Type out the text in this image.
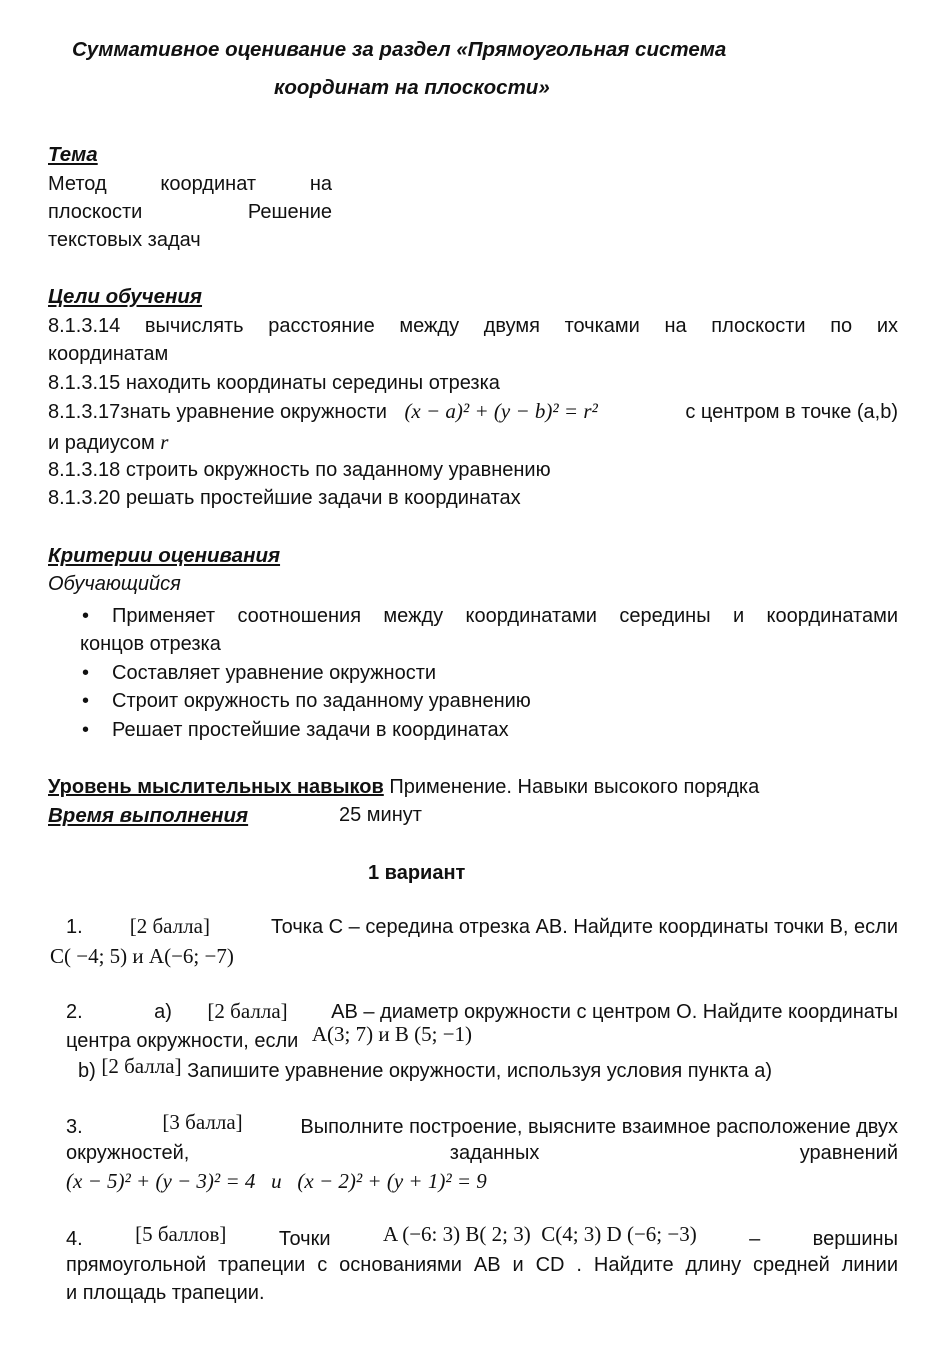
Суммативное оценивание за раздел «Прямоугольная система
координат на плоскости»
Тема
Метод	координат	на
плоскости	Решение
текстовых задач
Цели обучения
8.1.3.14 вычислять расстояние между двумя точками на плоскости по их
координатам
8.1.3.15 находить координаты середины отрезка
8.1.3.17знать уравнение окружности (x − a)² + (y − b)² = r²	с центром в точке (a,b)
и радиусом r
8.1.3.18 строить окружность по заданному уравнению
8.1.3.20 решать простейшие задачи в координатах
Критерии оценивания
Обучающийся
• Применяет соотношения между координатами середины и координатами
концов отрезка
• Составляет уравнение окружности
• Строит окружность по заданному уравнению
• Решает простейшие задачи в координатах
Уровень мыслительных навыков Применение. Навыки высокого порядка
Время выполнения	25 минут
1 вариант
1. [2 балла]	Точка С – середина отрезка АВ. Найдите координаты точки В, если
C( −4; 5) и A(−6; −7)
2.	а) [2 балла] АВ – диаметр окружности с центром О. Найдите координаты
центра окружности, если A(3; 7) и B (5; −1)
b) [2 балла] Запишите уравнение окружности, используя условия пункта а)
3.	[3 балла]	Выполните построение, выясните взаимное расположение двух
окружностей,	заданных	уравнений
(x − 5)² + (y − 3)² = 4   и   (x − 2)² + (y + 1)² = 9
4. [5 баллов]	Точки A (−6: 3) B( 2; 3)  C(4; 3) D (−6; −3)	–	вершины
прямоугольной трапеции с основаниями АВ и CD . Найдите длину средней линии
и площадь трапеции.
